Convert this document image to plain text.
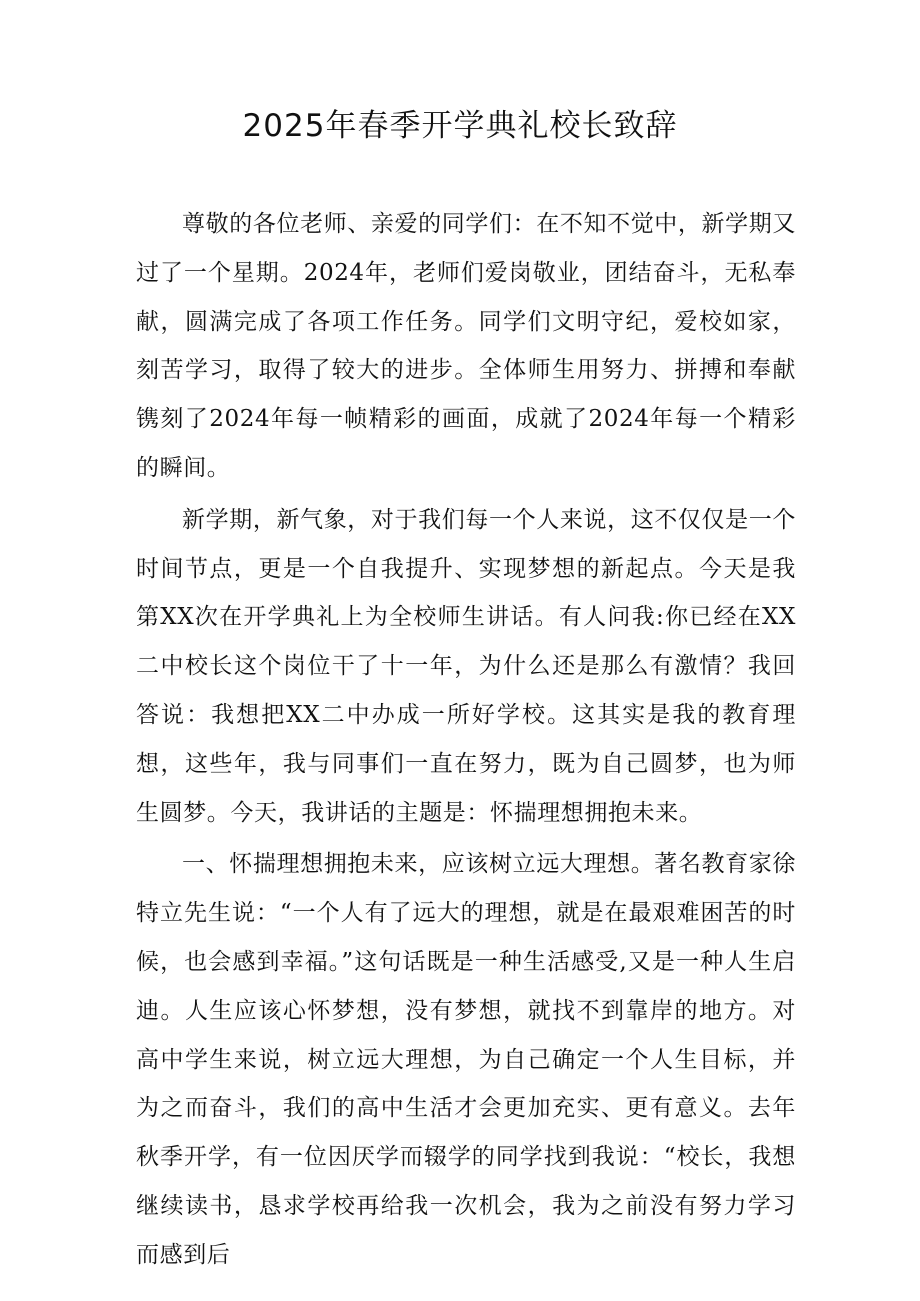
2025年春季开学典礼校长致辞

尊敬的各位老师、亲爱的同学们：在不知不觉中，新学期又过了一个星期。2024年，老师们爱岗敬业，团结奋斗，无私奉献，圆满完成了各项工作任务。同学们文明守纪，爱校如家，刻苦学习，取得了较大的进步。全体师生用努力、拼搏和奉献镌刻了2024年每一帧精彩的画面，成就了2024年每一个精彩的瞬间。

新学期，新气象，对于我们每一个人来说，这不仅仅是一个时间节点，更是一个自我提升、实现梦想的新起点。今天是我第XX次在开学典礼上为全校师生讲话。有人问我:你已经在XX二中校长这个岗位干了十一年，为什么还是那么有激情？我回答说：我想把XX二中办成一所好学校。这其实是我的教育理想，这些年，我与同事们一直在努力，既为自己圆梦，也为师生圆梦。今天，我讲话的主题是：怀揣理想拥抱未来。

一、怀揣理想拥抱未来，应该树立远大理想。著名教育家徐特立先生说：“一个人有了远大的理想，就是在最艰难困苦的时候，也会感到幸福。”这句话既是一种生活感受,又是一种人生启迪。人生应该心怀梦想，没有梦想，就找不到靠岸的地方。对高中学生来说，树立远大理想，为自己确定一个人生目标，并为之而奋斗，我们的高中生活才会更加充实、更有意义。去年秋季开学，有一位因厌学而辍学的同学找到我说：“校长，我想继续读书，恳求学校再给我一次机会，我为之前没有努力学习而感到后
